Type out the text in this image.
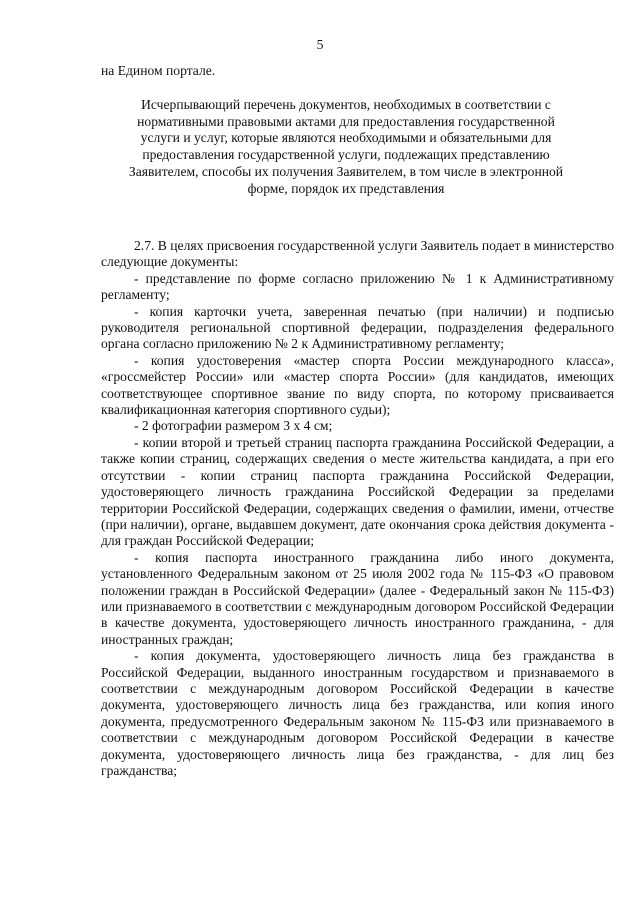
5
на Едином портале.
Исчерпывающий перечень документов, необходимых в соответствии с нормативными правовыми актами для предоставления государственной услуги и услуг, которые являются необходимыми и обязательными для предоставления государственной услуги, подлежащих представлению Заявителем, способы их получения Заявителем, в том числе в электронной форме, порядок их представления

2.7. В целях присвоения государственной услуги Заявитель подает в министерство следующие документы:

- представление по форме согласно приложению № 1 к Административному регламенту;

- копия карточки учета, заверенная печатью (при наличии) и подписью руководителя региональной спортивной федерации, подразделения федерального органа согласно приложению № 2 к Административному регламенту;

- копия удостоверения «мастер спорта России международного класса», «гроссмейстер России» или «мастер спорта России» (для кандидатов, имеющих соответствующее спортивное звание по виду спорта, по которому присваивается квалификационная категория спортивного судьи);

- 2 фотографии размером 3 х 4 см;

- копии второй и третьей страниц паспорта гражданина Российской Федерации, а также копии страниц, содержащих сведения о месте жительства кандидата, а при его отсутствии - копии страниц паспорта гражданина Российской Федерации, удостоверяющего личность гражданина Российской Федерации за пределами территории Российской Федерации, содержащих сведения о фамилии, имени, отчестве (при наличии), органе, выдавшем документ, дате окончания срока действия документа - для граждан Российской Федерации;

- копия паспорта иностранного гражданина либо иного документа, установленного Федеральным законом от 25 июля 2002 года № 115-ФЗ «О правовом положении граждан в Российской Федерации» (далее - Федеральный закон № 115-ФЗ) или признаваемого в соответствии с международным договором Российской Федерации в качестве документа, удостоверяющего личность иностранного гражданина, - для иностранных граждан;

- копия документа, удостоверяющего личность лица без гражданства в Российской Федерации, выданного иностранным государством и признаваемого в соответствии с международным договором Российской Федерации в качестве документа, удостоверяющего личность лица без гражданства, или копия иного документа, предусмотренного Федеральным законом № 115-ФЗ или признаваемого в соответствии с международным договором Российской Федерации в качестве документа, удостоверяющего личность лица без гражданства, - для лиц без гражданства;
